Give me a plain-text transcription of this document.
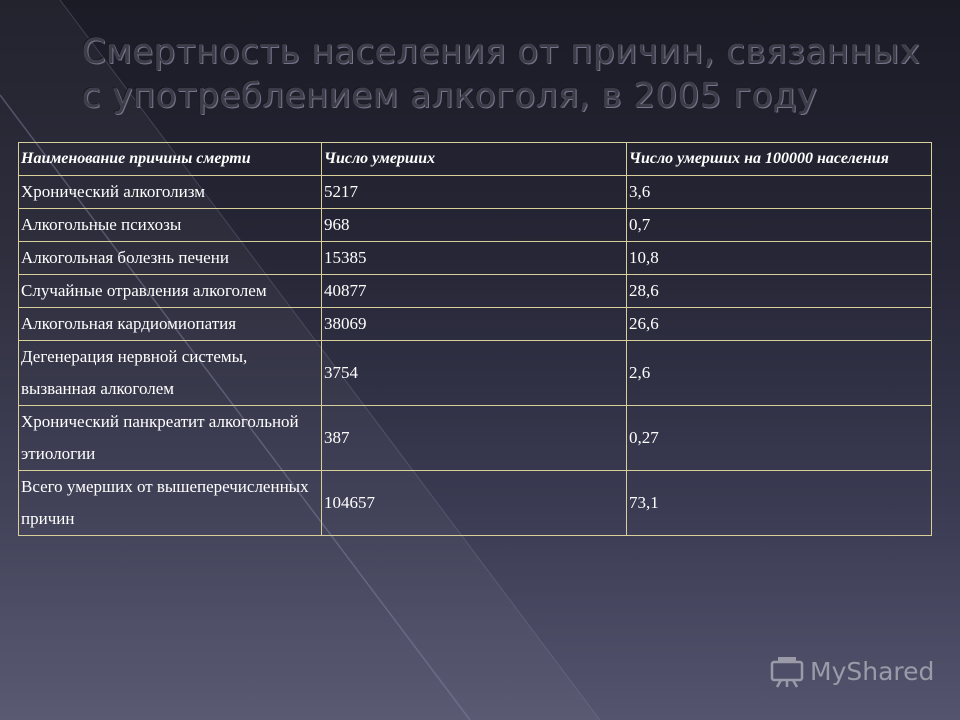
Смертность населения от причин, связанных
с употреблением алкоголя, в 2005 году
Наименование причины смерти	Число умерших	Число умерших на 100000 населения
Хронический алкоголизм	5217	3,6
Алкогольные психозы	968	0,7
Алкогольная болезнь печени	15385	10,8
Случайные отравления алкоголем	40877	28,6
Алкогольная кардиомиопатия	38069	26,6
Дегенерация нервной системы, вызванная алкоголем	3754	2,6
Хронический панкреатит алкогольной этиологии	387	0,27
Всего умерших от вышеперечисленных причин	104657	73,1
MyShared
